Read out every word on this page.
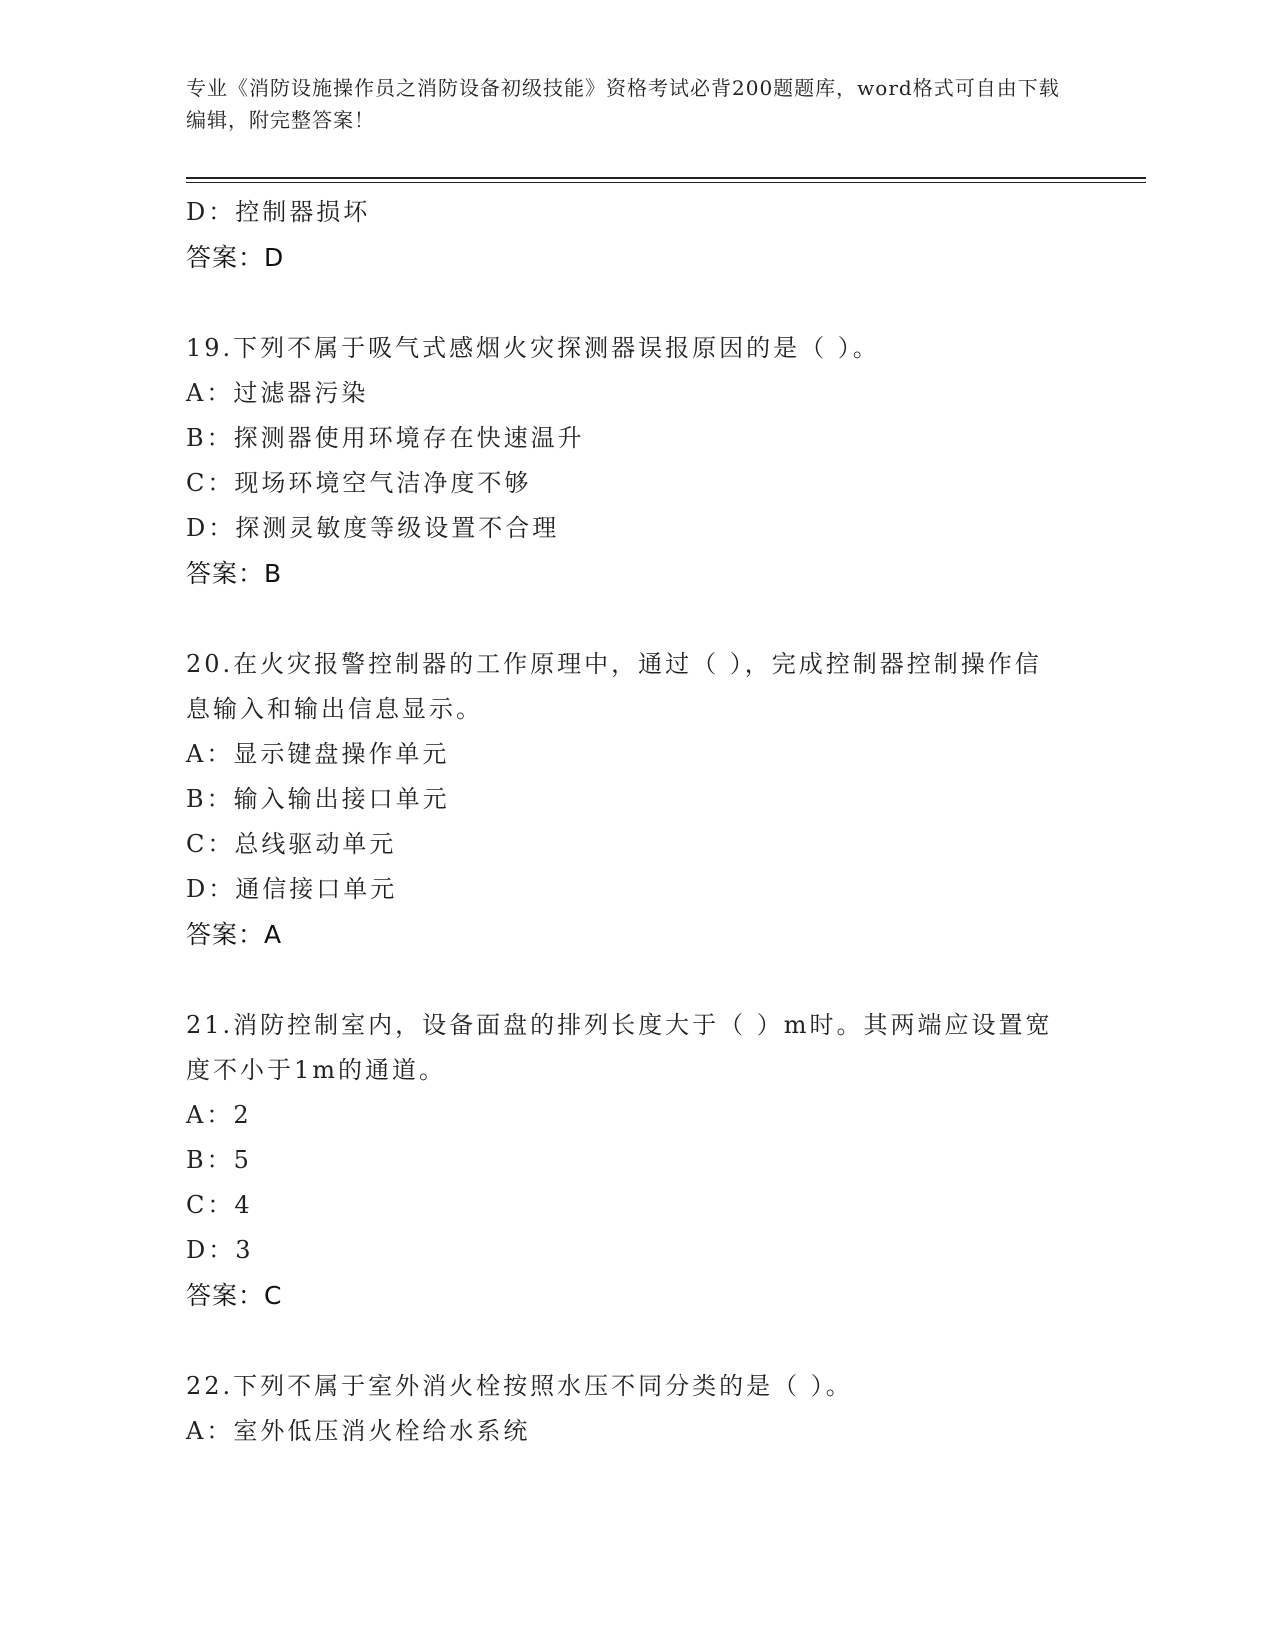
专业《消防设施操作员之消防设备初级技能》资格考试必背200题题库，word格式可自由下载编辑，附完整答案！
D：控制器损坏
答案：D
19.下列不属于吸气式感烟火灾探测器误报原因的是（ ）。
A：过滤器污染
B：探测器使用环境存在快速温升
C：现场环境空气洁净度不够
D：探测灵敏度等级设置不合理
答案：B
20.在火灾报警控制器的工作原理中，通过（ ），完成控制器控制操作信息输入和输出信息显示。
A：显示键盘操作单元
B：输入输出接口单元
C：总线驱动单元
D：通信接口单元
答案：A
21.消防控制室内，设备面盘的排列长度大于（ ）m时。其两端应设置宽度不小于1m的通道。
A：2
B：5
C：4
D：3
答案：C
22.下列不属于室外消火栓按照水压不同分类的是（ ）。
A：室外低压消火栓给水系统
